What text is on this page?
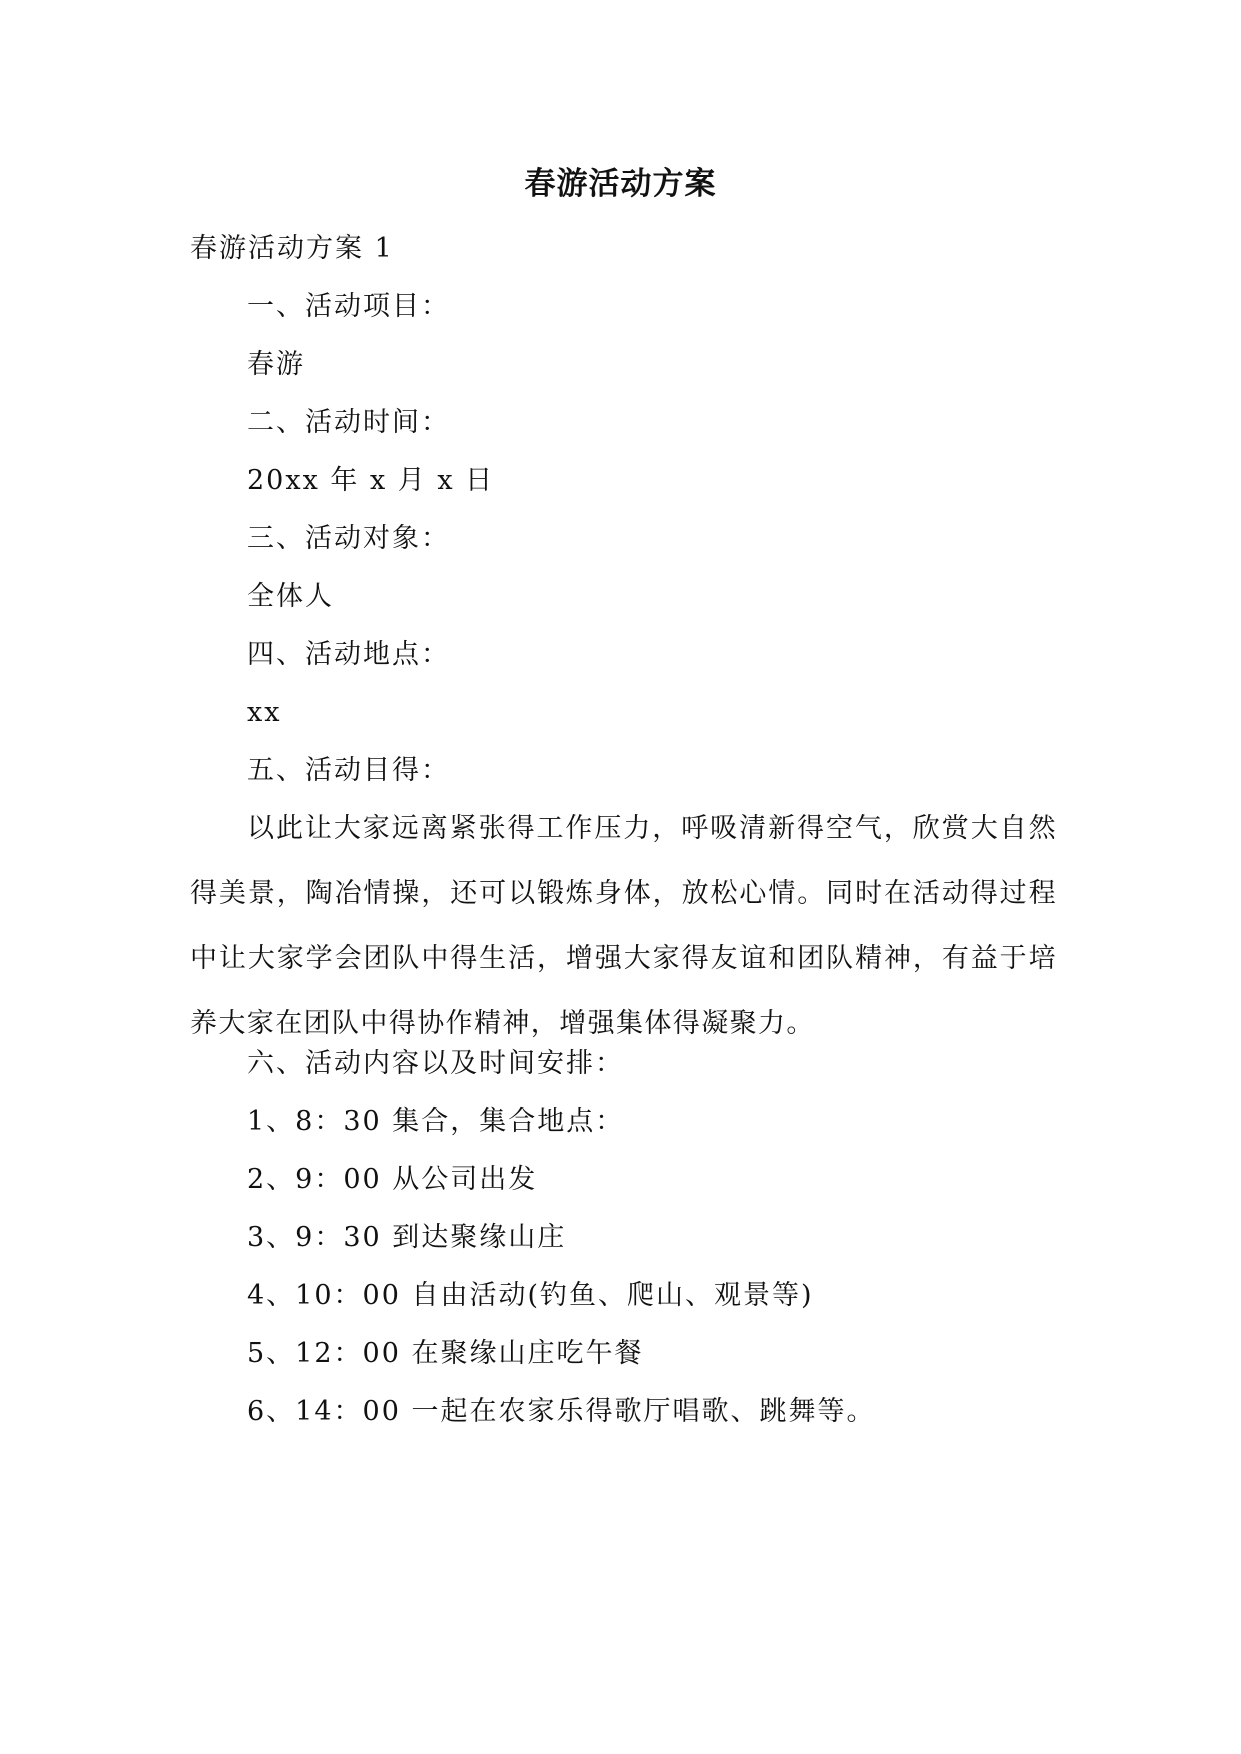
春游活动方案
春游活动方案 1
一、活动项目：
春游
二、活动时间：
20xx 年 x 月 x 日
三、活动对象：
全体人
四、活动地点：
xx
五、活动目得：
以此让大家远离紧张得工作压力，呼吸清新得空气，欣赏大自然得美景，陶冶情操，还可以锻炼身体，放松心情。同时在活动得过程中让大家学会团队中得生活，增强大家得友谊和团队精神，有益于培养大家在团队中得协作精神，增强集体得凝聚力。
六、活动内容以及时间安排：
1、8：30 集合，集合地点：
2、9：00 从公司出发
3、9：30 到达聚缘山庄
4、10：00 自由活动(钓鱼、爬山、观景等)
5、12：00 在聚缘山庄吃午餐
6、14：00 一起在农家乐得歌厅唱歌、跳舞等。
